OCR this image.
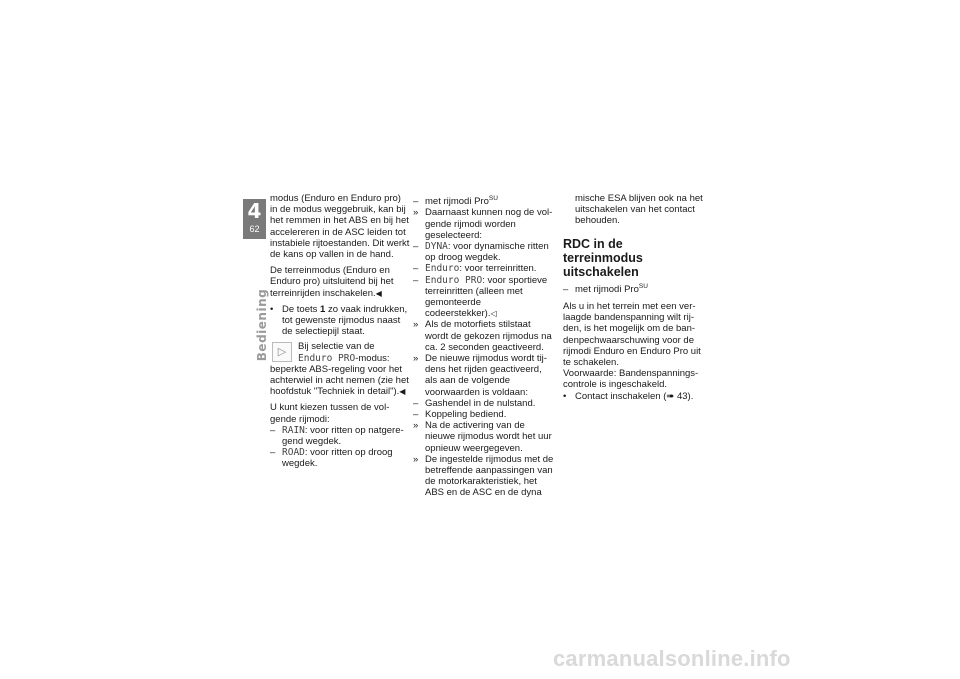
4
62
Bediening

modus (Enduro en Enduro pro) in de modus weggebruik, kan bij het remmen in het ABS en bij het accelereren in de ASC leiden tot instabiele rijtoestanden. Dit werkt de kans op vallen in de hand.

De terreinmodus (Enduro en Enduro pro) uitsluitend bij het terreinrijden inschakelen.◀

• De toets 1 zo vaak indrukken, tot gewenste rijmodus naast de selectiepijl staat.

▷	Bij selectie van de Enduro PRO-modus:

beperkte ABS-regeling voor het achterwiel in acht nemen (zie het hoofdstuk "Techniek in detail").◀

U kunt kiezen tussen de volgende rijmodi:

– RAIN: voor ritten op natgeregend wegdek.

– ROAD: voor ritten op droog wegdek.

– met rijmodi Pro$^{SU}$

» Daarnaast kunnen nog de volgende rijmodi worden geselecteerd:

– DYNA: voor dynamische ritten op droog wegdek.

– Enduro: voor terreinritten.

– Enduro PRO: voor sportieve terreinritten (alleen met gemonteerde codeerstekker).◁

» Als de motorfiets stilstaat wordt de gekozen rijmodus na ca. 2 seconden geactiveerd.

» De nieuwe rijmodus wordt tijdens het rijden geactiveerd, als aan de volgende voorwaarden is voldaan:

– Gashendel in de nulstand.

– Koppeling bediend.

» Na de activering van de nieuwe rijmodus wordt het uur opnieuw weergegeven.

» De ingestelde rijmodus met de betreffende aanpassingen van de motorkarakteristiek, het ABS en de ASC en de dyna

mische ESA blijven ook na het uitschakelen van het contact behouden.

RDC in de terreinmodus uitschakelen

– met rijmodi Pro$^{SU}$

Als u in het terrein met een verlaagde bandenspanning wilt rijden, is het mogelijk om de bandenpechwaarschuwing voor de rijmodi Enduro en Enduro Pro uit te schakelen.

Voorwaarde: Bandenspanningscontrole is ingeschakeld.

• Contact inschakelen (➠ 43).

carmanualsonline.info
